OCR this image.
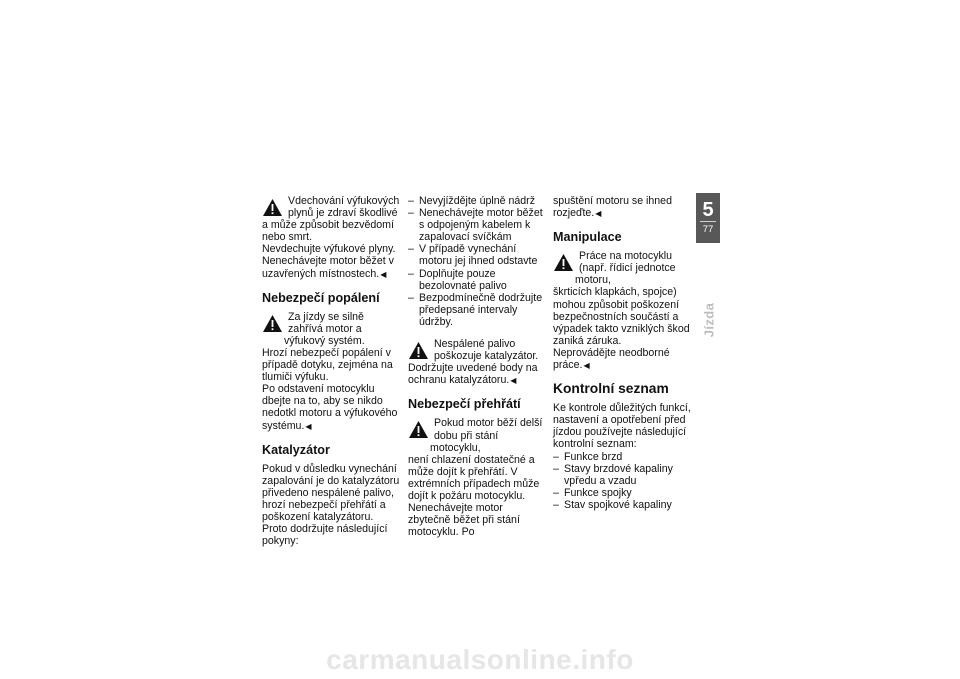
Vdechování výfukových plynů je zdraví škodlivé

a může způsobit bezvědomí nebo smrt.

Nevdechujte výfukové plyny. Nenechávejte motor běžet v uzavřených místnostech.◀

Nebezpečí popálení

Za jízdy se silně zahřívá motor a výfukový systém.

Hrozí nebezpečí popálení v případě dotyku, zejména na tlumiči výfuku.

Po odstavení motocyklu dbejte na to, aby se nikdo nedotkl motoru a výfukového systému.◀

Katalyzátor

Pokud v důsledku vynechání zapalování je do katalyzátoru přivedeno nespálené palivo, hrozí nebezpečí přehřátí a poškození katalyzátoru.

Proto dodržujte následující pokyny:

– Nevyjíždějte úplně nádrž
– Nenechávejte motor běžet s odpojeným kabelem k zapalovací svíčkám
– V případě vynechání motoru jej ihned odstavte
– Doplňujte pouze bezolovnaté palivo
– Bezpodmínečně dodržujte předepsané intervaly údržby.

Nespálené palivo poškozuje katalyzátor.

Dodržujte uvedené body na ochranu katalyzátoru.◀

Nebezpečí přehřátí

Pokud motor běží delší dobu při stání motocyklu,

není chlazení dostatečné a může dojít k přehřátí. V extrémních případech může dojít k požáru motocyklu.

Nenechávejte motor zbytečně běžet při stání motocyklu. Po

spuštění motoru se ihned rozjeďte.◀

Manipulace

Práce na motocyklu (např. řídicí jednotce motoru,

škrticích klapkách, spojce) mohou způsobit poškození bezpečnostních součástí a výpadek takto vzniklých škod zaniká záruka.

Neprovádějte neodborné práce.◀

Kontrolní seznam

Ke kontrole důležitých funkcí, nastavení a opotřebení před jízdou používejte následující kontrolní seznam:

– Funkce brzd
– Stavy brzdové kapaliny vpředu a vzadu
– Funkce spojky
– Stav spojkové kapaliny
5
77
Jízda
carmanualsonline.info
